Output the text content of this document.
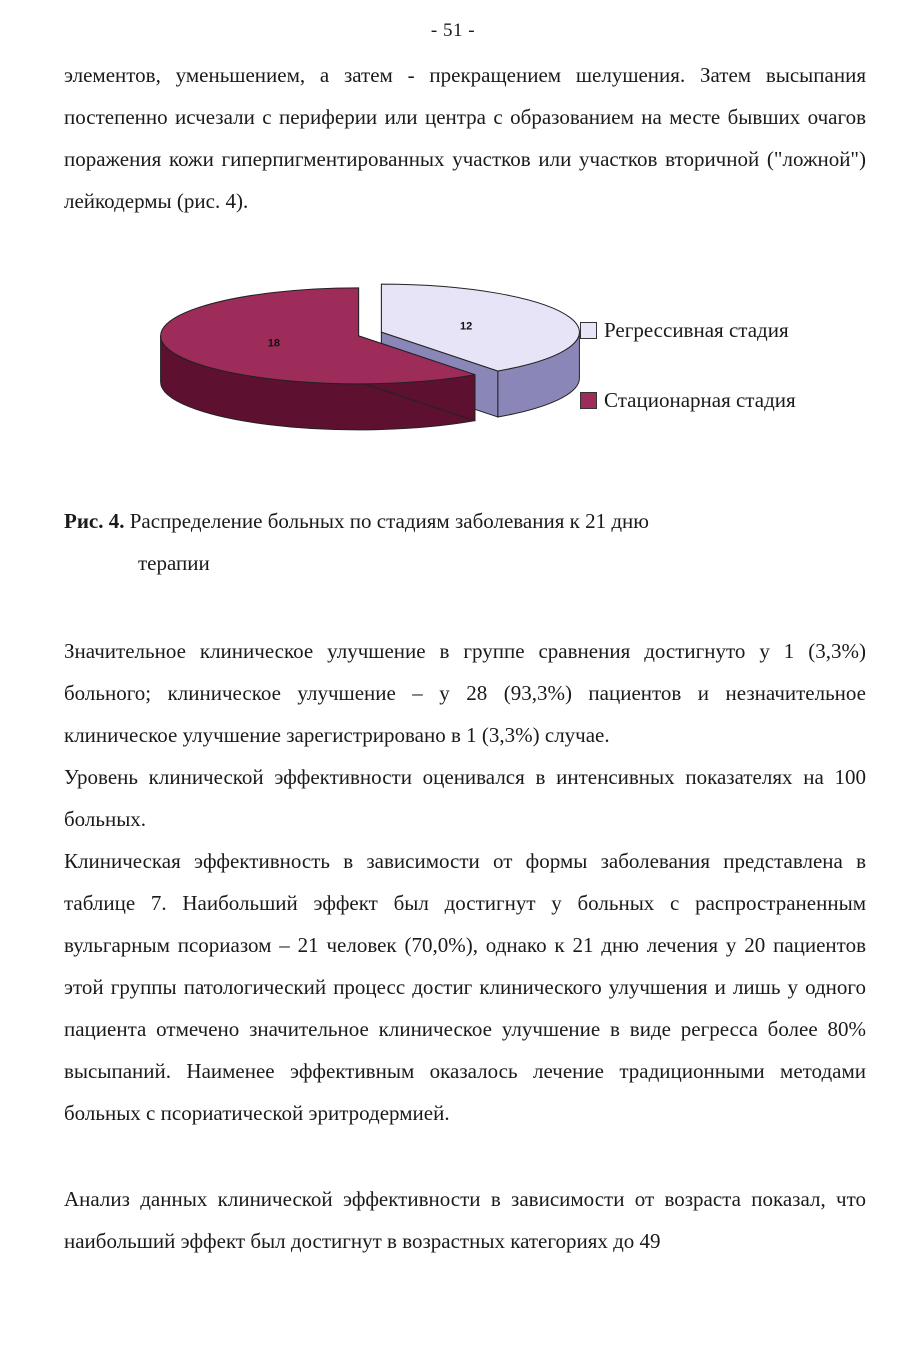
- 51 -

элементов, уменьшением, а затем - прекращением шелушения. Затем высыпания постепенно исчезали с периферии или центра с образованием на месте бывших очагов поражения кожи гиперпигментированных участков или участков вторичной ("ложной") лейкодермы (рис. 4).

12
18
Регрессивная стадия
Стационарная стадия

Рис. 4. Распределение больных по стадиям заболевания к 21 дню
терапии

Значительное клиническое улучшение в группе сравнения достигнуто у 1 (3,3%) больного; клиническое улучшение – у 28 (93,3%) пациентов и незначительное клиническое улучшение зарегистрировано в 1 (3,3%) случае.

Уровень клинической эффективности оценивался в интенсивных показателях на 100 больных.

Клиническая эффективность в зависимости от формы заболевания представлена в таблице 7. Наибольший эффект был достигнут у больных с распространенным вульгарным псориазом – 21 человек (70,0%), однако к 21 дню лечения у 20 пациентов этой группы патологический процесс достиг клинического улучшения и лишь у одного пациента отмечено значительное клиническое улучшение в виде регресса более 80% высыпаний. Наименее эффективным оказалось лечение традиционными методами больных с псориатической эритродермией.

Анализ данных клинической эффективности в зависимости от возраста показал, что наибольший эффект был достигнут в возрастных категориях до 49
